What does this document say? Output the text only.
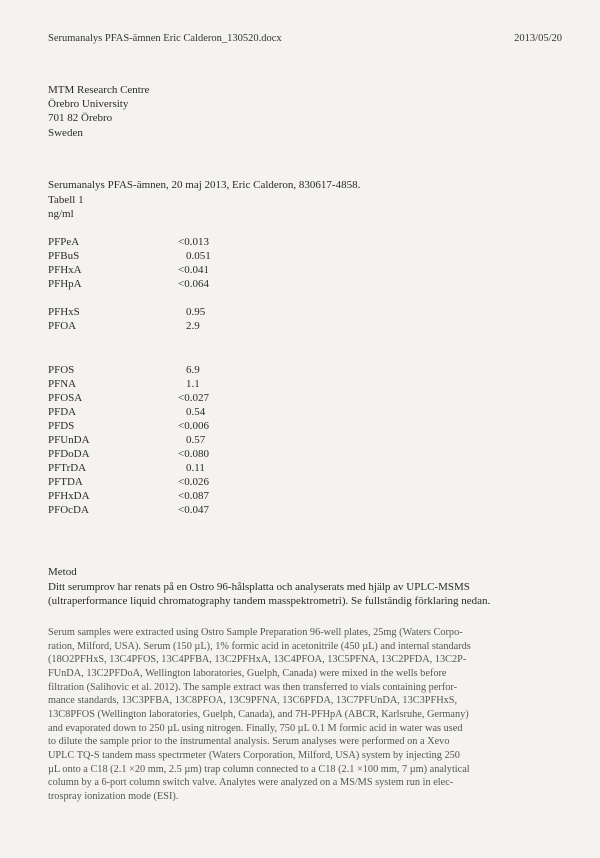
Serumanalys PFAS-ämnen Eric Calderon_130520.docx	2013/05/20
MTM Research Centre
Örebro University
701 82 Örebro
Sweden
Serumanalys PFAS-ämnen, 20 maj 2013, Eric Calderon, 830617-4858.
Tabell 1
ng/ml
PFPeA	<0.013
PFBuS	0.051
PFHxA	<0.041
PFHpA	<0.064
PFHxS	0.95
PFOA	2.9
PFOS	6.9
PFNA	1.1
PFOSA	<0.027
PFDA	0.54
PFDS	<0.006
PFUnDA	0.57
PFDoDA	<0.080
PFTrDA	0.11
PFTDA	<0.026
PFHxDA	<0.087
PFOcDA	<0.047
Metod
Ditt serumprov har renats på en Ostro 96-hålsplatta och analyserats med hjälp av UPLC-MSMS
(ultraperformance liquid chromatography tandem masspektrometri). Se fullständig förklaring nedan.
Serum samples were extracted using Ostro Sample Preparation 96-well plates, 25mg (Waters Corpo-
ration, Milford, USA). Serum (150 µL), 1% formic acid in acetonitrile (450 µL) and internal standards
(18O2PFHxS, 13C4PFOS, 13C4PFBA, 13C2PFHxA, 13C4PFOA, 13C5PFNA, 13C2PFDA, 13C2P-
FUnDA, 13C2PFDoA, Wellington laboratories, Guelph, Canada) were mixed in the wells before
filtration (Salihovic et al. 2012). The sample extract was then transferred to vials containing perfor-
mance standards, 13C3PFBA, 13C8PFOA, 13C9PFNA, 13C6PFDA, 13C7PFUnDA, 13C3PFHxS,
13C8PFOS (Wellington laboratories, Guelph, Canada), and 7H-PFHpA (ABCR, Karlsruhe, Germany)
and evaporated down to 250 µL using nitrogen. Finally, 750 µL 0.1 M formic acid in water was used
to dilute the sample prior to the instrumental analysis. Serum analyses were performed on a Xevo
UPLC TQ-S tandem mass spectrmeter (Waters Corporation, Milford, USA) system by injecting 250
µL onto a C18 (2.1 ×20 mm, 2.5 µm) trap column connected to a C18 (2.1 ×100 mm, 7 µm) analytical
column by a 6-port column switch valve. Analytes were analyzed on a MS/MS system run in elec-
trospray ionization mode (ESI).
